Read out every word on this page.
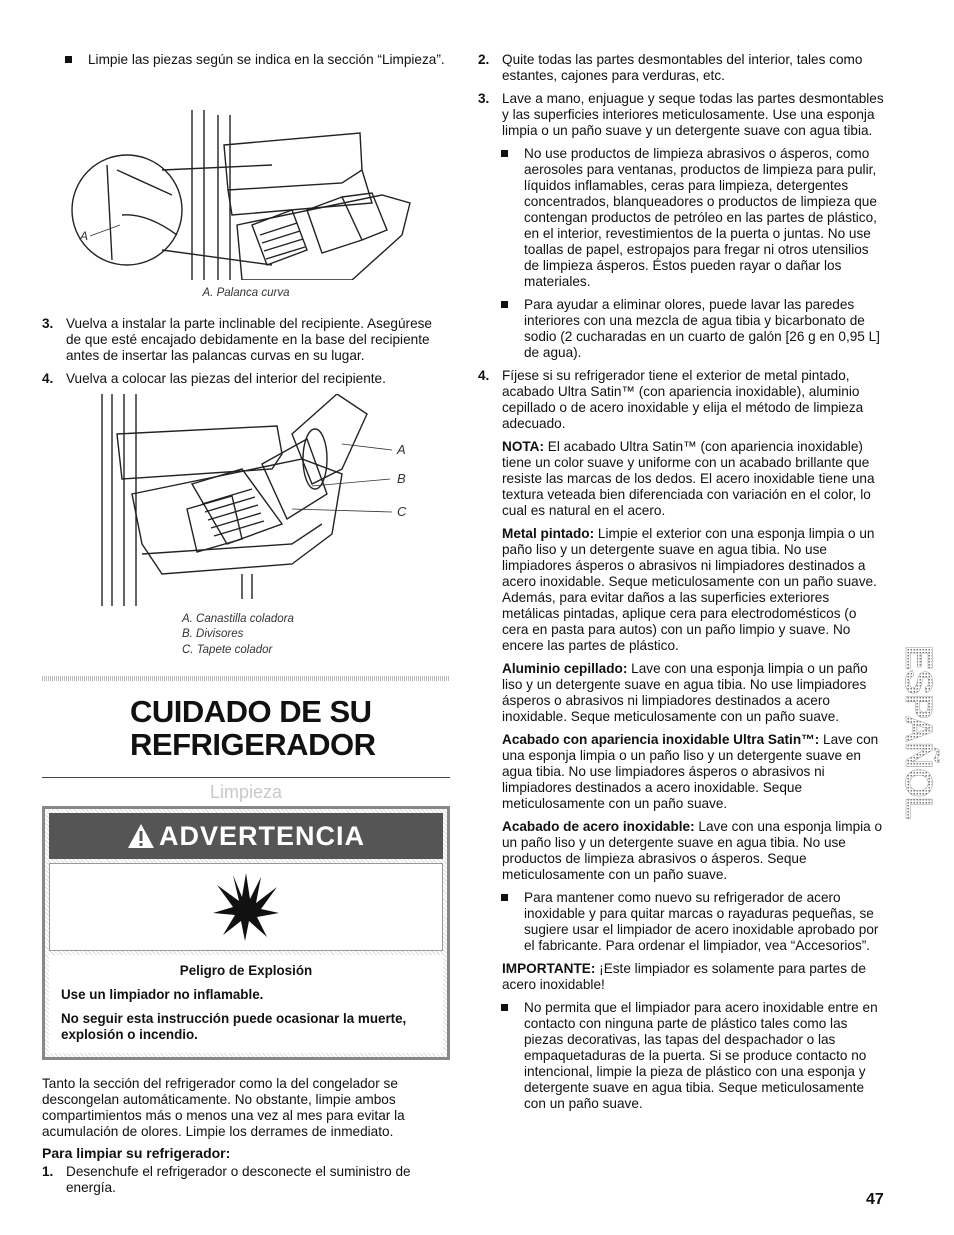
Limpie las piezas según se indica en la sección “Limpieza”.
A
A. Palanca curva
3. Vuelva a instalar la parte inclinable del recipiente. Asegúrese de que esté encajado debidamente en la base del recipiente antes de insertar las palancas curvas en su lugar.
4. Vuelva a colocar las piezas del interior del recipiente.
A
B
C
A. Canastilla coladora
B. Divisores
C. Tapete colador
CUIDADO DE SU
REFRIGERADOR
Limpieza
ADVERTENCIA
Peligro de Explosión
Use un limpiador no inflamable.
No seguir esta instrucción puede ocasionar la muerte, explosión o incendio.

Tanto la sección del refrigerador como la del congelador se descongelan automáticamente. No obstante, limpie ambos compartimientos más o menos una vez al mes para evitar la acumulación de olores. Limpie los derrames de inmediato.

Para limpiar su refrigerador:
1. Desenchufe el refrigerador o desconecte el suministro de energía.
2. Quite todas las partes desmontables del interior, tales como estantes, cajones para verduras, etc.
3. Lave a mano, enjuague y seque todas las partes desmontables y las superficies interiores meticulosamente. Use una esponja limpia o un paño suave y un detergente suave con agua tibia.
No use productos de limpieza abrasivos o ásperos, como aerosoles para ventanas, productos de limpieza para pulir, líquidos inflamables, ceras para limpieza, detergentes concentrados, blanqueadores o productos de limpieza que contengan productos de petróleo en las partes de plástico, en el interior, revestimientos de la puerta o juntas. No use toallas de papel, estropajos para fregar ni otros utensilios de limpieza ásperos. Éstos pueden rayar o dañar los materiales.
Para ayudar a eliminar olores, puede lavar las paredes interiores con una mezcla de agua tibia y bicarbonato de sodio (2 cucharadas en un cuarto de galón [26 g en 0,95 L] de agua).
4. Fíjese si su refrigerador tiene el exterior de metal pintado, acabado Ultra Satin™ (con apariencia inoxidable), aluminio cepillado o de acero inoxidable y elija el método de limpieza adecuado.

NOTA: El acabado Ultra Satin™ (con apariencia inoxidable) tiene un color suave y uniforme con un acabado brillante que resiste las marcas de los dedos. El acero inoxidable tiene una textura veteada bien diferenciada con variación en el color, lo cual es natural en el acero.

Metal pintado: Limpie el exterior con una esponja limpia o un paño liso y un detergente suave en agua tibia. No use limpiadores ásperos o abrasivos ni limpiadores destinados a acero inoxidable. Seque meticulosamente con un paño suave. Además, para evitar daños a las superficies exteriores metálicas pintadas, aplique cera para electrodomésticos (o cera en pasta para autos) con un paño limpio y suave. No encere las partes de plástico.

Aluminio cepillado: Lave con una esponja limpia o un paño liso y un detergente suave en agua tibia. No use limpiadores ásperos o abrasivos ni limpiadores destinados a acero inoxidable. Seque meticulosamente con un paño suave.

Acabado con apariencia inoxidable Ultra Satin™: Lave con una esponja limpia o un paño liso y un detergente suave en agua tibia. No use limpiadores ásperos o abrasivos ni limpiadores destinados a acero inoxidable. Seque meticulosamente con un paño suave.

Acabado de acero inoxidable: Lave con una esponja limpia o un paño liso y un detergente suave en agua tibia. No use productos de limpieza abrasivos o ásperos. Seque meticulosamente con un paño suave.

Para mantener como nuevo su refrigerador de acero inoxidable y para quitar marcas o rayaduras pequeñas, se sugiere usar el limpiador de acero inoxidable aprobado por el fabricante. Para ordenar el limpiador, vea “Accesorios”.

IMPORTANTE: ¡Este limpiador es solamente para partes de acero inoxidable!

No permita que el limpiador para acero inoxidable entre en contacto con ninguna parte de plástico tales como las piezas decorativas, las tapas del despachador o las empaquetaduras de la puerta. Si se produce contacto no intencional, limpie la pieza de plástico con una esponja y detergente suave en agua tibia. Seque meticulosamente con un paño suave.
ESPAÑOL
47
